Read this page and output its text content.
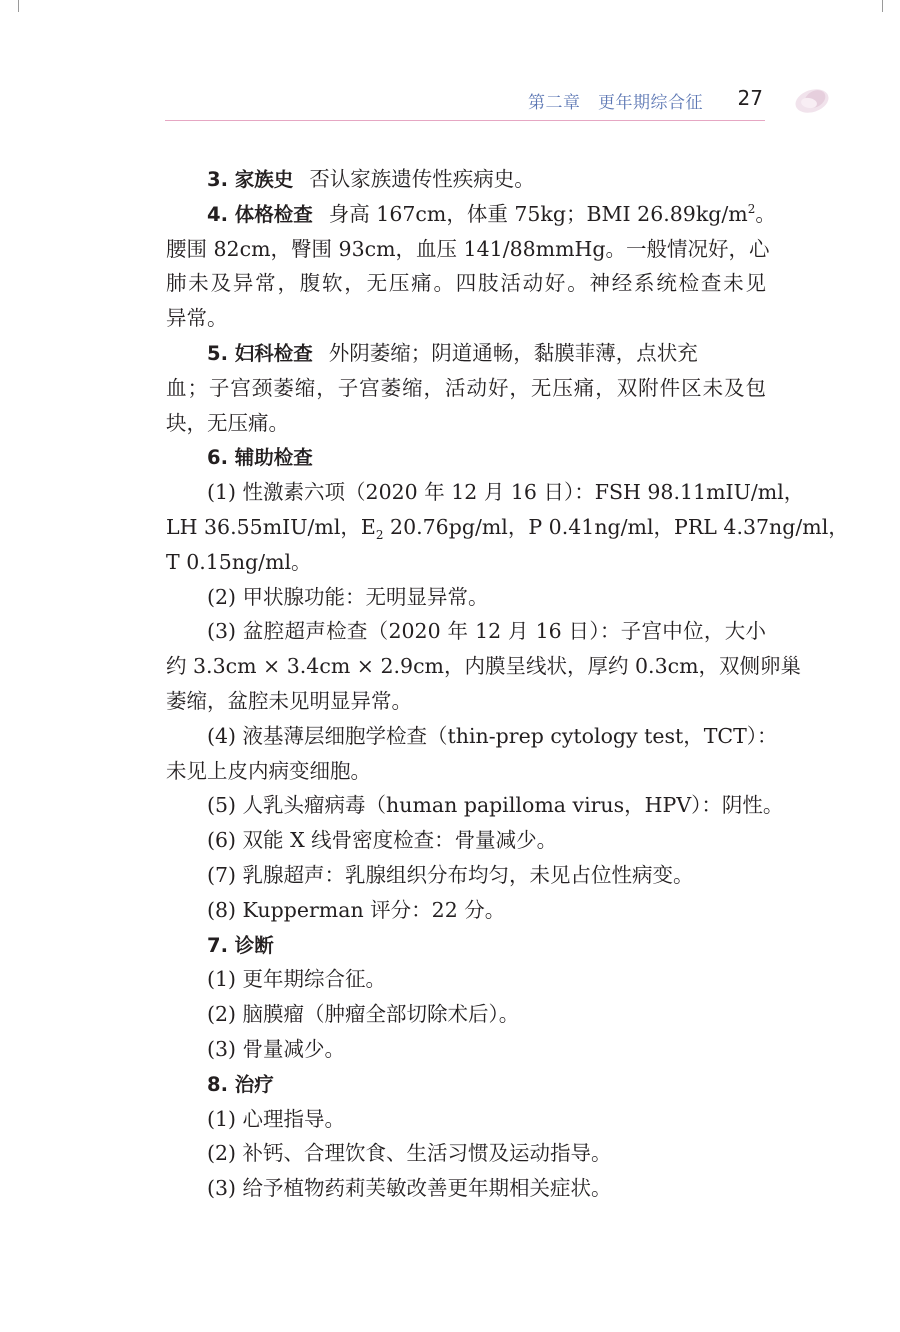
第二章　更年期综合征 27
3. 家族史 否认家族遗传性疾病史。
4. 体格检查 身高 167cm，体重 75kg；BMI $26.89kg/m^2$。
腰围 82cm，臀围 93cm，血压 141/88mmHg。一般情况好，心
肺未及异常，腹软，无压痛。四肢活动好。神经系统检查未见
异常。
5. 妇科检查 外阴萎缩；阴道通畅，黏膜菲薄，点状充
血；子宫颈萎缩，子宫萎缩，活动好，无压痛，双附件区未及包
块，无压痛。
6. 辅助检查
(1) 性激素六项（2020 年 12 月 16 日）：FSH 98.11mIU/ml，
LH 36.55mIU/ml，$E_2$ 20.76pg/ml，P 0.41ng/ml，PRL 4.37ng/ml，
T 0.15ng/ml。
(2) 甲状腺功能：无明显异常。
(3) 盆腔超声检查（2020 年 12 月 16 日）：子宫中位，大小
约 3.3cm × 3.4cm × 2.9cm，内膜呈线状，厚约 0.3cm，双侧卵巢
萎缩，盆腔未见明显异常。
(4) 液基薄层细胞学检查（thin-prep cytology test，TCT）：
未见上皮内病变细胞。
(5) 人乳头瘤病毒（human papilloma virus，HPV）：阴性。
(6) 双能 X 线骨密度检查：骨量减少。
(7) 乳腺超声：乳腺组织分布均匀，未见占位性病变。
(8) Kupperman 评分：22 分。
7. 诊断
(1) 更年期综合征。
(2) 脑膜瘤（肿瘤全部切除术后）。
(3) 骨量减少。
8. 治疗
(1) 心理指导。
(2) 补钙、合理饮食、生活习惯及运动指导。
(3) 给予植物药莉芙敏改善更年期相关症状。
